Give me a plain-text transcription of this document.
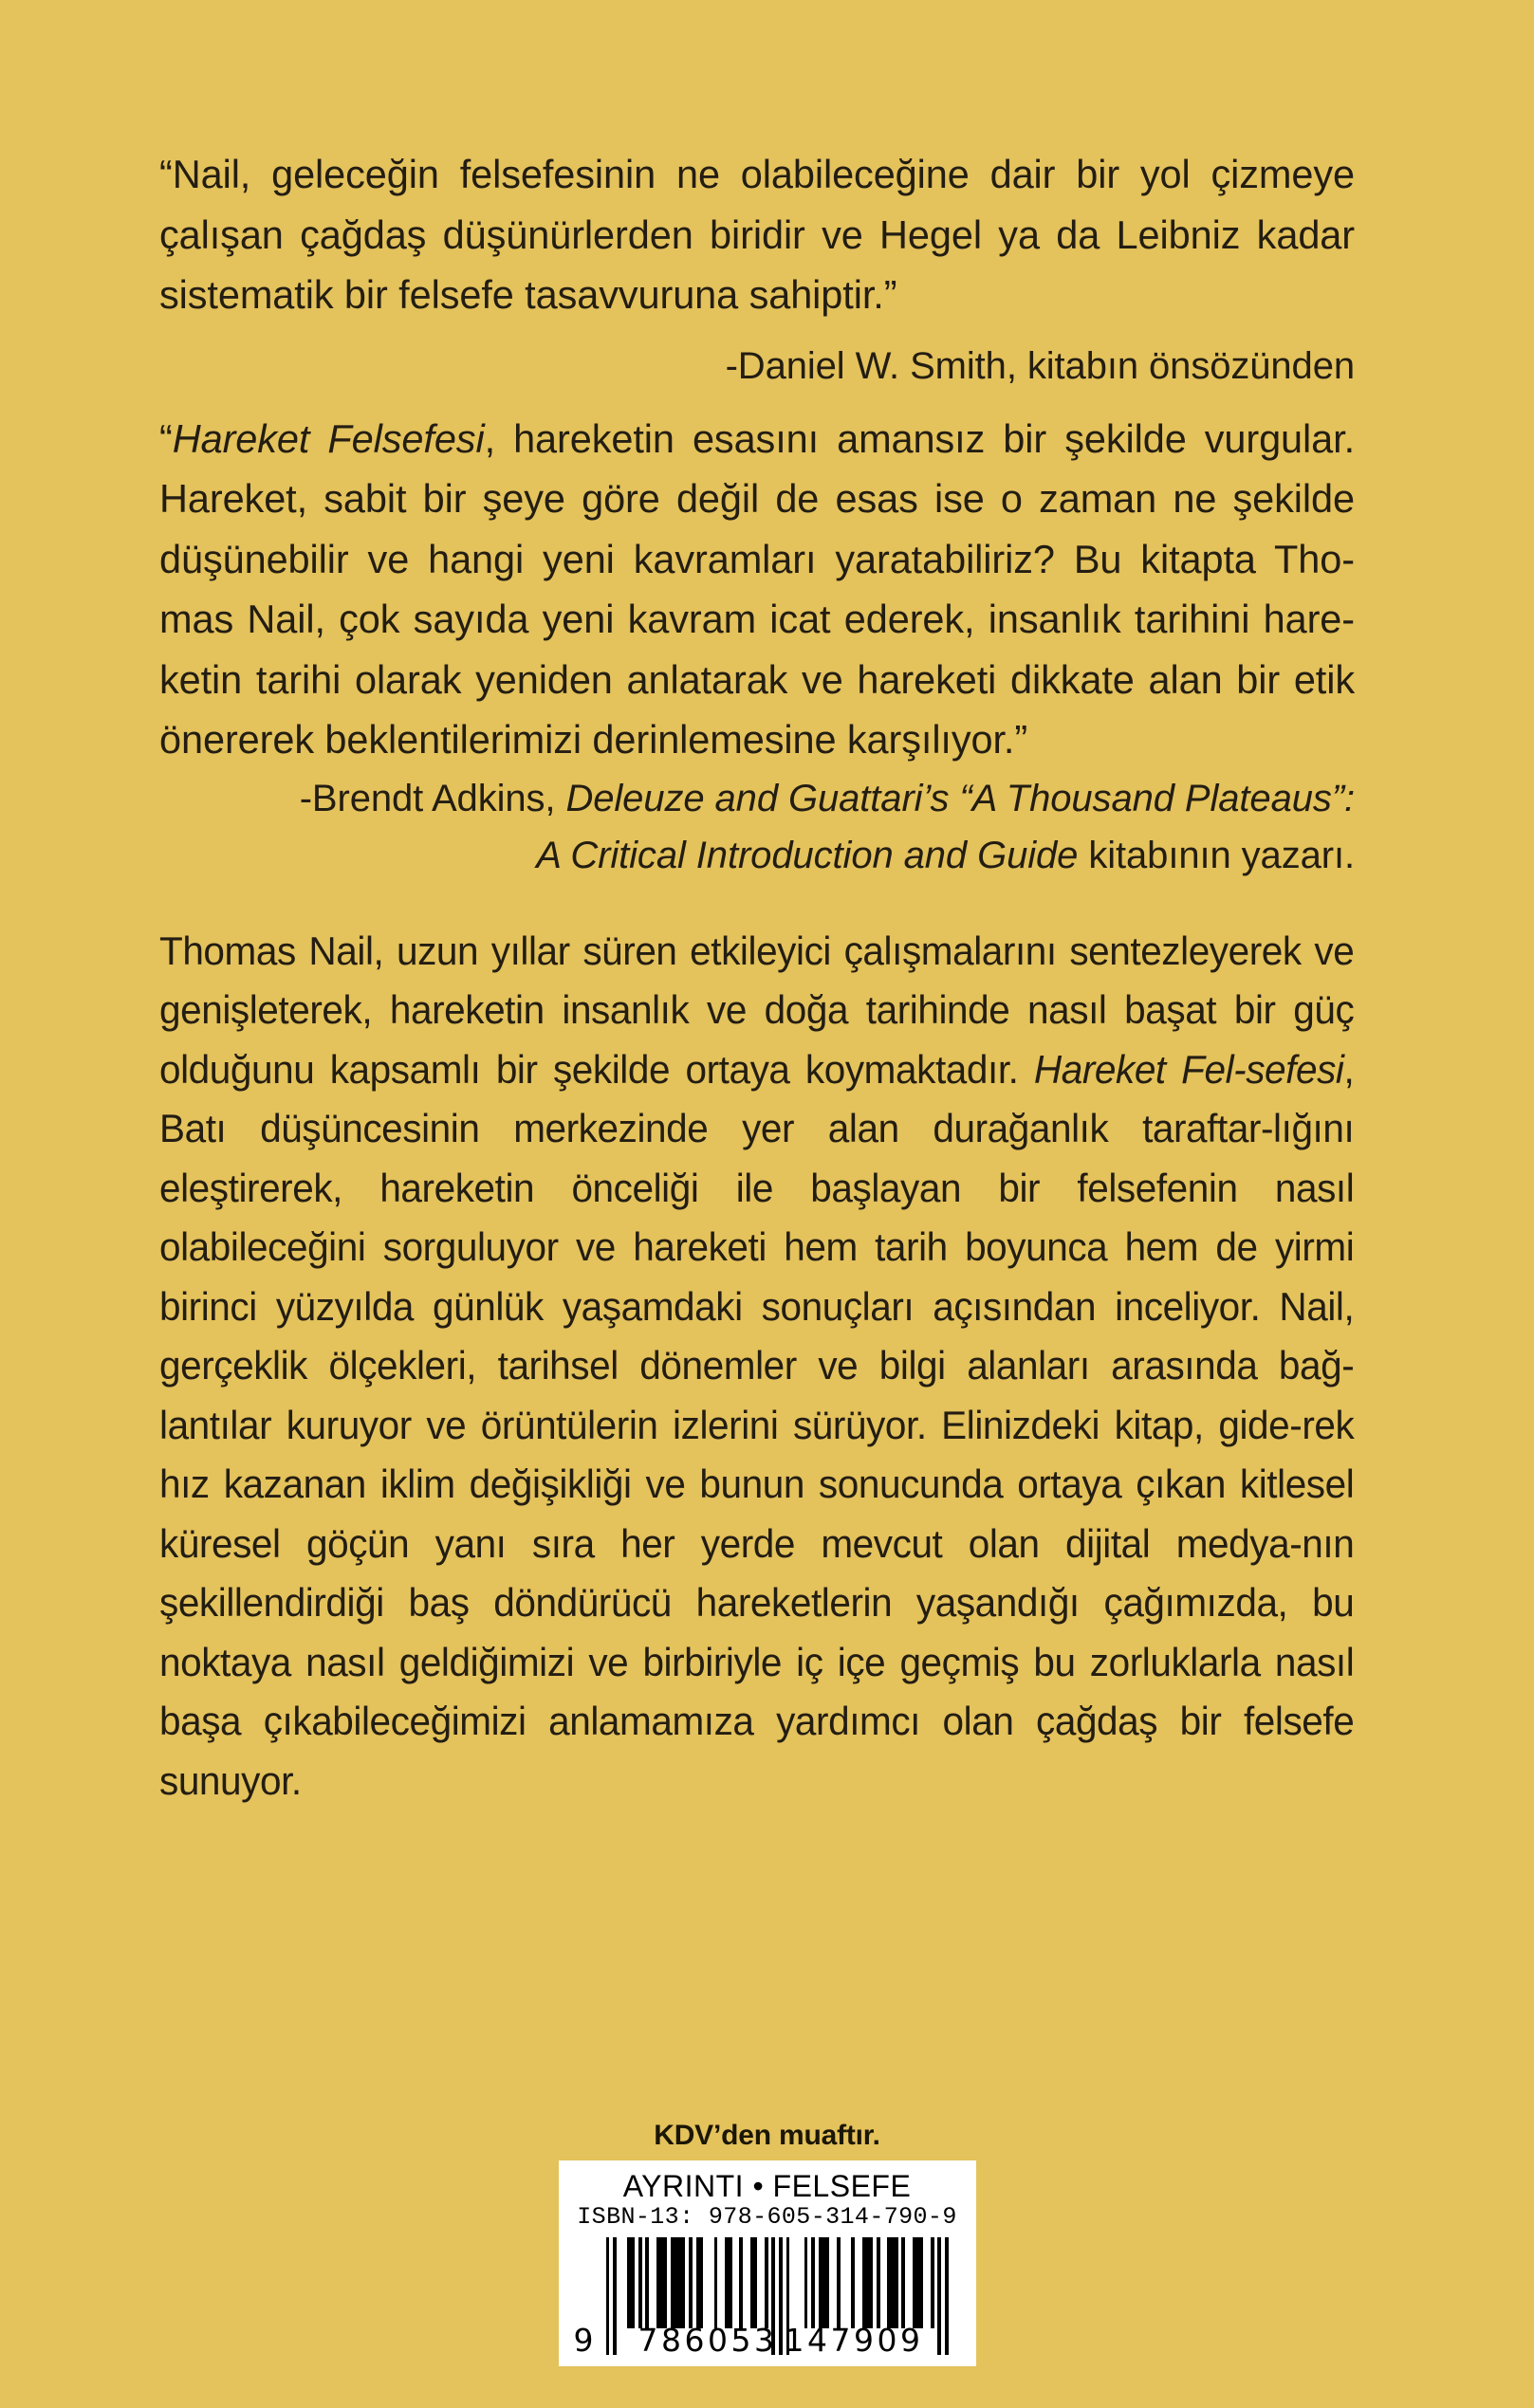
“Nail, geleceğin felsefesinin ne olabileceğine dair bir yol çizmeye çalışan çağdaş düşünürlerden biridir ve Hegel ya da Leibniz kadar sistematik bir felsefe tasavvuruna sahiptir.”

-Daniel W. Smith, kitabın önsözünden

“Hareket Felsefesi, hareketin esasını amansız bir şekilde vurgular. Hareket, sabit bir şeye göre değil de esas ise o zaman ne şekilde düşünebilir ve hangi yeni kavramları yaratabiliriz? Bu kitapta Tho-mas Nail, çok sayıda yeni kavram icat ederek, insanlık tarihini hare-ketin tarihi olarak yeniden anlatarak ve hareketi dikkate alan bir etik önererek beklentilerimizi derinlemesine karşılıyor.”

-Brendt Adkins, Deleuze and Guattari’s “A Thousand Plateaus”:
A Critical Introduction and Guide kitabının yazarı.

Thomas Nail, uzun yıllar süren etkileyici çalışmalarını sentezleyerek ve genişleterek, hareketin insanlık ve doğa tarihinde nasıl başat bir güç olduğunu kapsamlı bir şekilde ortaya koymaktadır. Hareket Fel-sefesi, Batı düşüncesinin merkezinde yer alan durağanlık taraftar-lığını eleştirerek, hareketin önceliği ile başlayan bir felsefenin nasıl olabileceğini sorguluyor ve hareketi hem tarih boyunca hem de yirmi birinci yüzyılda günlük yaşamdaki sonuçları açısından inceliyor. Nail, gerçeklik ölçekleri, tarihsel dönemler ve bilgi alanları arasında bağ-lantılar kuruyor ve örüntülerin izlerini sürüyor. Elinizdeki kitap, gide-rek hız kazanan iklim değişikliği ve bunun sonucunda ortaya çıkan kitlesel küresel göçün yanı sıra her yerde mevcut olan dijital medya-nın şekillendirdiği baş döndürücü hareketlerin yaşandığı çağımızda, bu noktaya nasıl geldiğimizi ve birbiriyle iç içe geçmiş bu zorluklarla nasıl başa çıkabileceğimizi anlamamıza yardımcı olan çağdaş bir felsefe sunuyor.

KDV’den muaftır.
AYRINTI • FELSEFE
ISBN-13: 978-605-314-790-9
9 786053 147909
